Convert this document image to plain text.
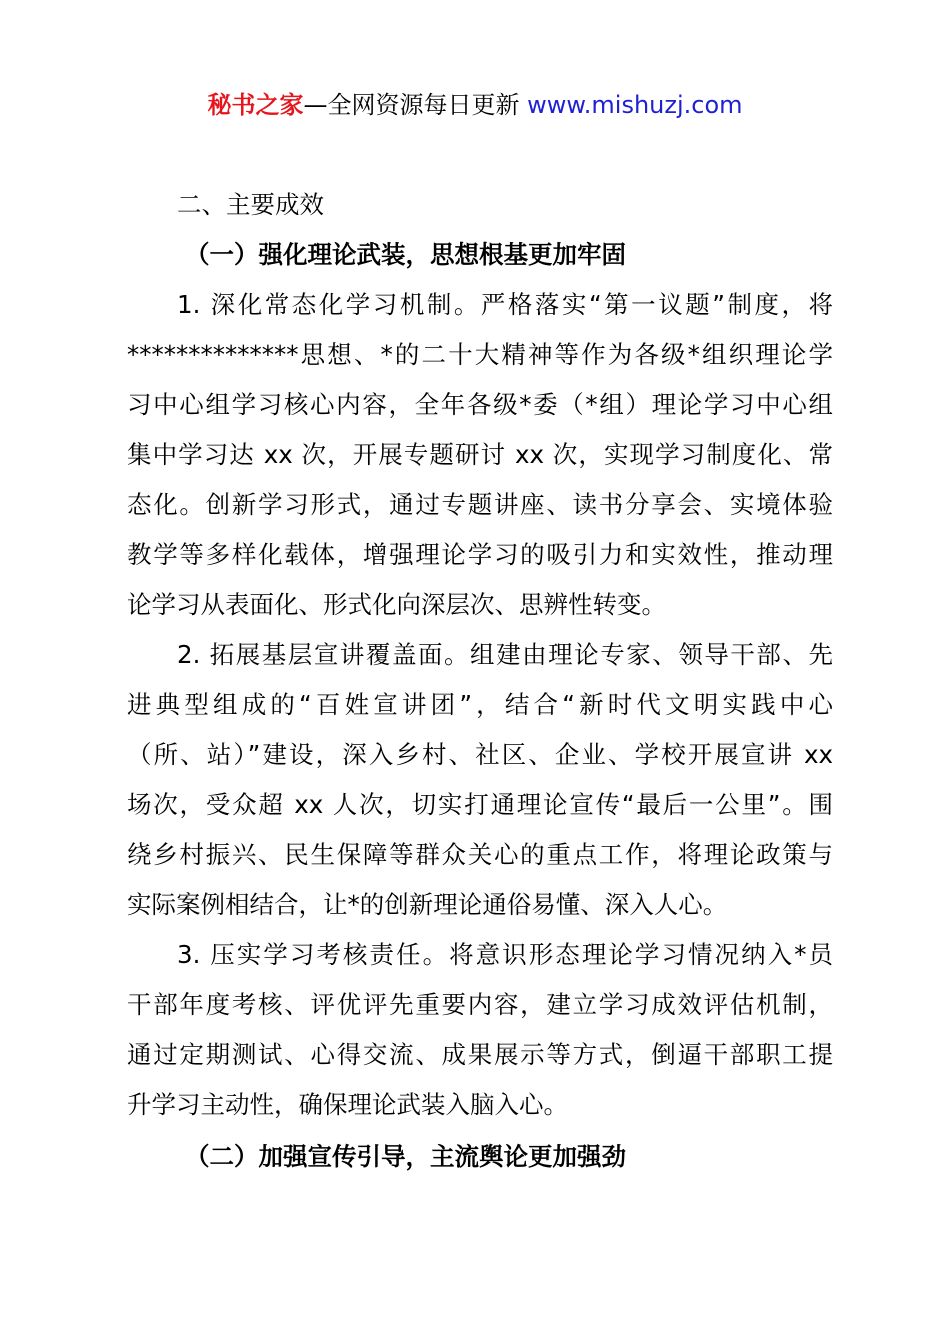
秘书之家—全网资源每日更新 www.mishuzj.com
二、主要成效
（一）强化理论武装，思想根基更加牢固
1. 深化常态化学习机制。严格落实“第一议题”制度，将
**************思想、*的二十大精神等作为各级*组织理论学
习中心组学习核心内容，全年各级*委（*组）理论学习中心组
集中学习达 xx 次，开展专题研讨 xx 次，实现学习制度化、常
态化。创新学习形式，通过专题讲座、读书分享会、实境体验
教学等多样化载体，增强理论学习的吸引力和实效性，推动理
论学习从表面化、形式化向深层次、思辨性转变。
2. 拓展基层宣讲覆盖面。组建由理论专家、领导干部、先
进典型组成的“百姓宣讲团”，结合“新时代文明实践中心
（所、站）”建设，深入乡村、社区、企业、学校开展宣讲 xx
场次，受众超 xx 人次，切实打通理论宣传“最后一公里”。围
绕乡村振兴、民生保障等群众关心的重点工作，将理论政策与
实际案例相结合，让*的创新理论通俗易懂、深入人心。
3. 压实学习考核责任。将意识形态理论学习情况纳入*员
干部年度考核、评优评先重要内容，建立学习成效评估机制，
通过定期测试、心得交流、成果展示等方式，倒逼干部职工提
升学习主动性，确保理论武装入脑入心。
（二）加强宣传引导，主流舆论更加强劲
